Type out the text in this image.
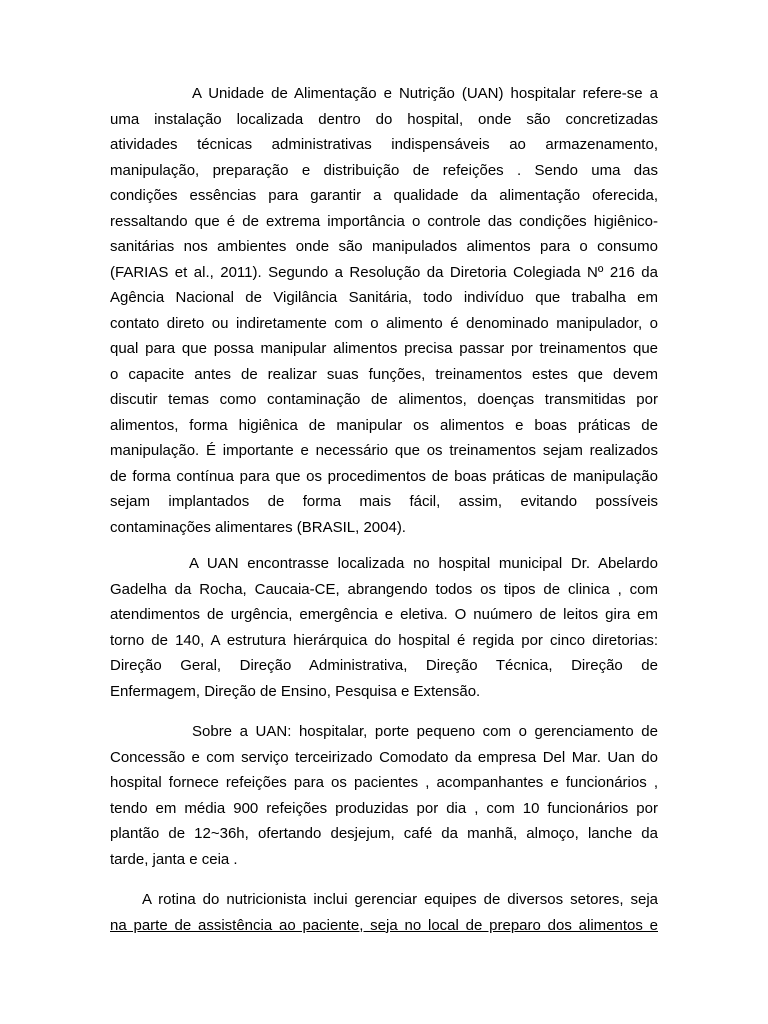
A Unidade de Alimentação e Nutrição (UAN) hospitalar refere-se a
uma instalação localizada dentro do hospital, onde são concretizadas
atividades técnicas administrativas indispensáveis ao armazenamento,
manipulação, preparação e distribuição de refeições . Sendo uma das
condições essências para garantir a qualidade da alimentação oferecida,
ressaltando que é de extrema importância o controle das condições higiênico-
sanitárias nos ambientes onde são manipulados alimentos para o consumo
(FARIAS et al., 2011). Segundo a Resolução da Diretoria Colegiada Nº 216 da
Agência Nacional de Vigilância Sanitária, todo indivíduo que trabalha em
contato direto ou indiretamente com o alimento é denominado manipulador, o
qual para que possa manipular alimentos precisa passar por treinamentos que
o capacite antes de realizar suas funções, treinamentos estes que devem
discutir temas como contaminação de alimentos, doenças transmitidas por
alimentos, forma higiênica de manipular os alimentos e boas práticas de
manipulação. É importante e necessário que os treinamentos sejam realizados
de forma contínua para que os procedimentos de boas práticas de manipulação
sejam implantados de forma mais fácil, assim, evitando possíveis
contaminações alimentares (BRASIL, 2004).
A UAN encontrasse localizada no hospital municipal Dr. Abelardo
Gadelha da Rocha, Caucaia-CE, abrangendo todos os tipos de clinica , com
atendimentos de urgência, emergência e eletiva. O nuúmero de leitos gira em
torno de 140, A estrutura hierárquica do hospital é regida por cinco diretorias:
Direção Geral, Direção Administrativa, Direção Técnica, Direção de
Enfermagem, Direção de Ensino, Pesquisa e Extensão.
Sobre a UAN: hospitalar, porte pequeno com o gerenciamento de
Concessão e com serviço terceirizado Comodato da empresa Del Mar. Uan do
hospital fornece refeições para os pacientes , acompanhantes e funcionários ,
tendo em média 900 refeições produzidas por dia , com 10 funcionários por
plantão de 12~36h, ofertando desjejum, café da manhã, almoço, lanche da
tarde, janta e ceia .
A rotina do nutricionista inclui gerenciar equipes de diversos setores, seja
na parte de assistência ao paciente, seja no local de preparo dos alimentos e
